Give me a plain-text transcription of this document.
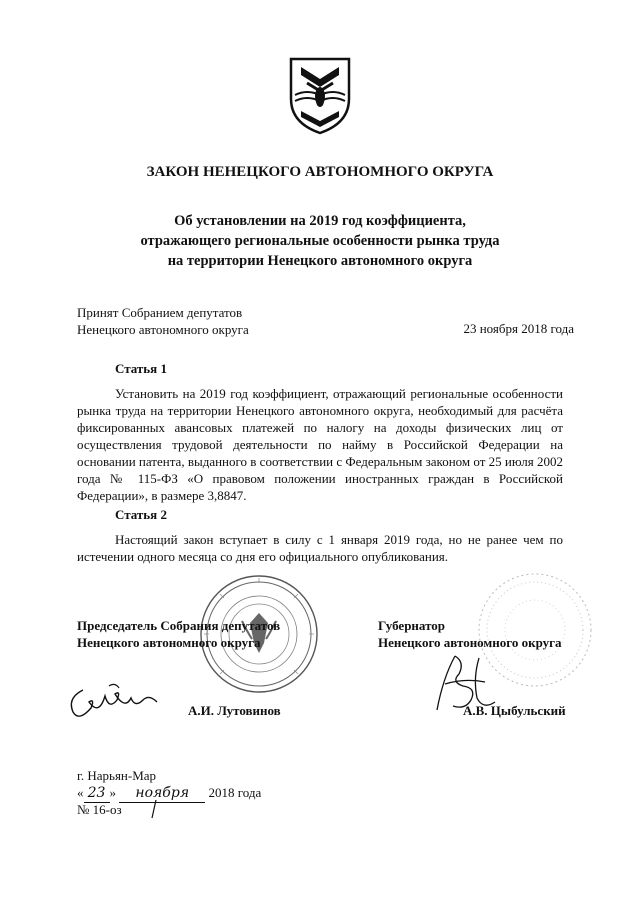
ЗАКОН НЕНЕЦКОГО АВТОНОМНОГО ОКРУГА
Об установлении на 2019 год коэффициента,
отражающего региональные особенности рынка труда
на территории Ненецкого автономного округа
Принят Собранием депутатов
Ненецкого автономного округа	23 ноября 2018 года
Статья 1
Установить на 2019 год коэффициент, отражающий региональные особенности рынка труда на территории Ненецкого автономного округа, необходимый для расчёта фиксированных авансовых платежей по налогу на доходы физических лиц от осуществления трудовой деятельности по найму в Российской Федерации на основании патента, выданного в соответствии с Федеральным законом от 25 июля 2002 года № 115-ФЗ «О правовом положении иностранных граждан в Российской Федерации», в размере 3,8847.
Статья 2
Настоящий закон вступает в силу с 1 января 2019 года, но не ранее чем по истечении одного месяца со дня его официального опубликования.
Председатель Собрания депутатов
Ненецкого автономного округа
А.И. Лутовинов
Губернатор
Ненецкого автономного округа
А.В. Цыбульский
г. Нарьян-Мар
« 23 » ноября 2018 года
№ 16-оз
